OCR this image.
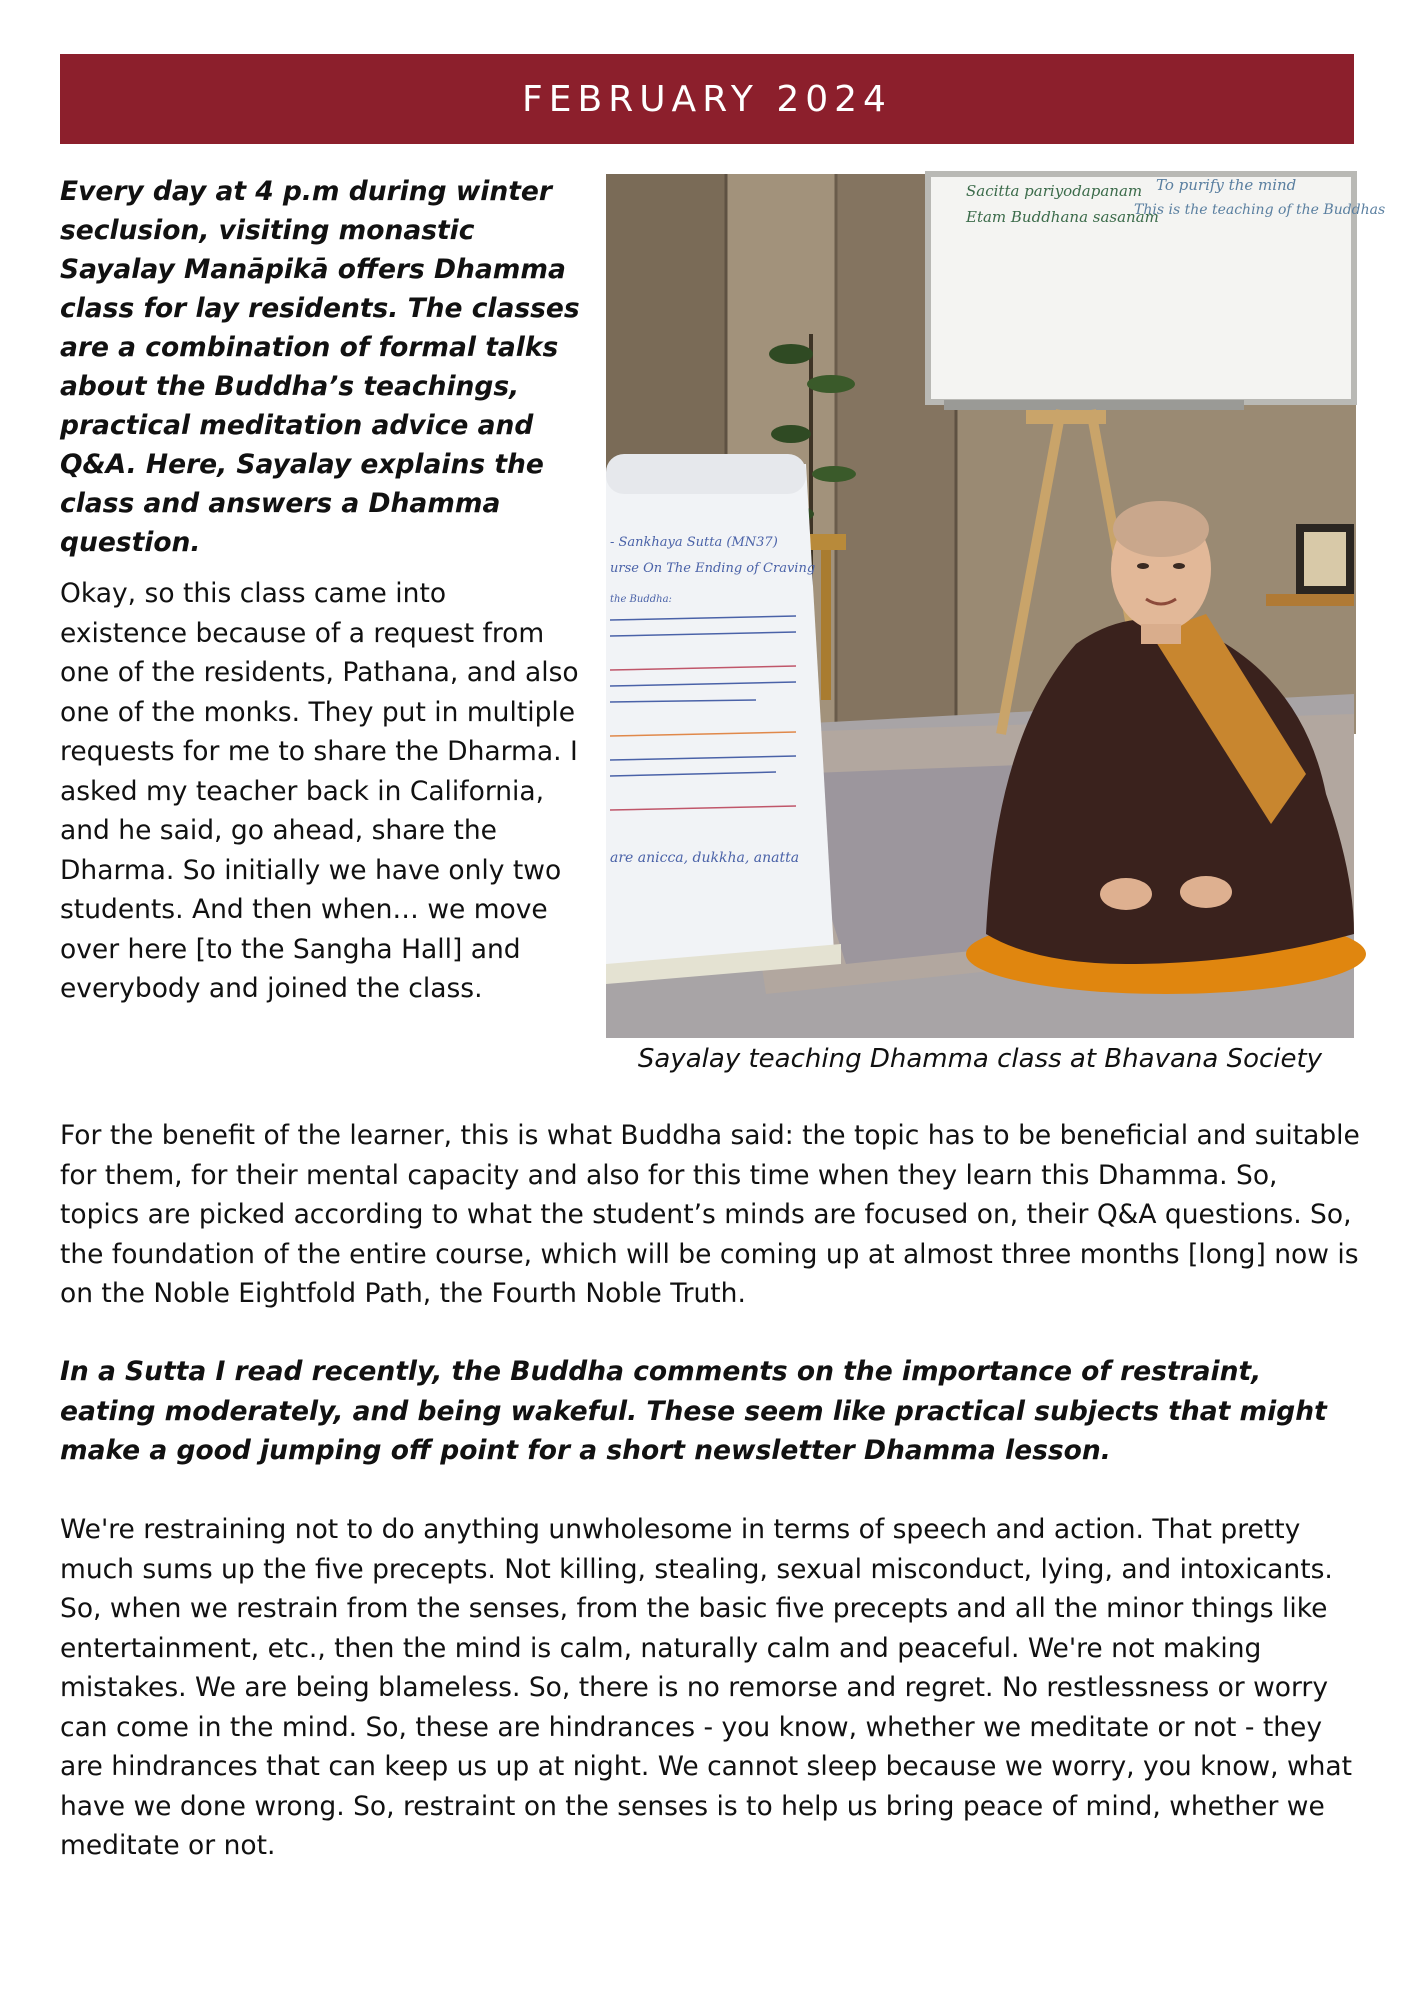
FEBRUARY 2024

Every day at 4 p.m during winter seclusion, visiting monastic Sayalay Manāpikā offers Dhamma class for lay residents. The classes are a combination of formal talks about the Buddha’s teachings, practical meditation advice and Q&A. Here, Sayalay explains the class and answers a Dhamma question.

Okay, so this class came into existence because of a request from one of the residents, Pathana, and also one of the monks. They put in multiple requests for me to share the Dharma. I asked my teacher back in California, and he said, go ahead, share the Dharma. So initially we have only two students. And then when… we move over here [to the Sangha Hall] and everybody and joined the class.

Sacitta pariyodapanam To purify the mind
Etam Buddhana sasanam
This is the teaching of the Buddhas
- Sankhaya Sutta (MN37)
urse On The Ending of Craving
the Buddha:
are anicca, dukkha, anatta

Sayalay teaching Dhamma class at Bhavana Society

For the benefit of the learner, this is what Buddha said: the topic has to be beneficial and suitable for them, for their mental capacity and also for this time when they learn this Dhamma. So, topics are picked according to what the student’s minds are focused on, their Q&A questions. So, the foundation of the entire course, which will be coming up at almost three months [long] now is on the Noble Eightfold Path, the Fourth Noble Truth.

In a Sutta I read recently, the Buddha comments on the importance of restraint, eating moderately, and being wakeful. These seem like practical subjects that might make a good jumping off point for a short newsletter Dhamma lesson.

We're restraining not to do anything unwholesome in terms of speech and action. That pretty much sums up the five precepts. Not killing, stealing, sexual misconduct, lying, and intoxicants. So, when we restrain from the senses, from the basic five precepts and all the minor things like entertainment, etc., then the mind is calm, naturally calm and peaceful. We're not making mistakes. We are being blameless. So, there is no remorse and regret. No restlessness or worry can come in the mind. So, these are hindrances - you know, whether we meditate or not - they are hindrances that can keep us up at night. We cannot sleep because we worry, you know, what have we done wrong. So, restraint on the senses is to help us bring peace of mind, whether we meditate or not.
